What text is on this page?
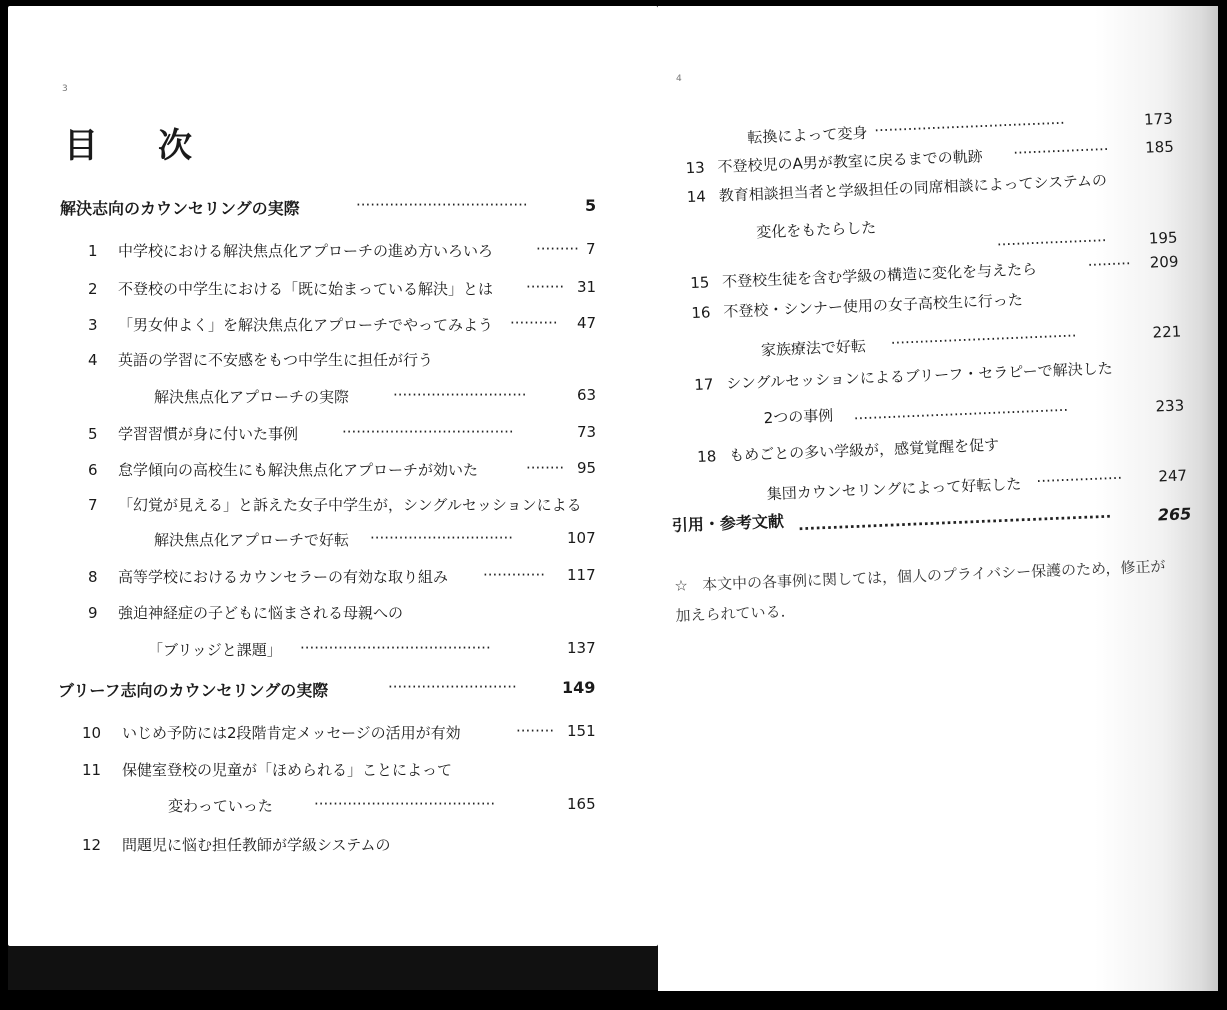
3
目 次
解決志向のカウンセリングの実際	····································	5
1 中学校における解決焦点化アプローチの進め方いろいろ	········· 7
2 不登校の中学生における「既に始まっている解決」とは ········ 31
3 「男女仲よく」を解決焦点化アプローチでやってみよう ··········	47
4 英語の学習に不安感をもつ中学生に担任が行う
解決焦点化アプローチの実際	····························	63
5 学習習慣が身に付いた事例	····································	73
6 怠学傾向の高校生にも解決焦点化アプローチが効いた	········ 95
7 「幻覚が見える」と訴えた女子中学生が，シングルセッションによる
解決焦点化アプローチで好転 ······························	107
8 高等学校におけるカウンセラーの有効な取り組み ·············	117
9 強迫神経症の子どもに悩まされる母親への
「ブリッジと課題」 ········································	137
ブリーフ志向のカウンセリングの実際	···························	149
10 いじめ予防には2段階肯定メッセージの活用が有効	········ 151
11 保健室登校の児童が「ほめられる」ことによって
変わっていった	······································	165
12 問題児に悩む担任教師が学級システムの
4
転換によって変身 ········································	173
13 不登校児のA男が教室に戻るまでの軌跡 ····················	185
14 教育相談担当者と学級担任の同席相談によってシステムの
変化をもたらした
·······················	195
15 不登校生徒を含む学級の構造に変化を与えたら	·········	209
16 不登校・シンナー使用の女子高校生に行った
家族療法で好転 ·······································	221
17 シングルセッションによるブリーフ・セラピーで解決した
2つの事例 ·············································	233
18 もめごとの多い学級が，感覚覚醒を促す
集団カウンセリングによって好転した ··················	247
引用・参考文献 ·······················································	265
☆ 本文中の各事例に関しては，個人のプライバシー保護のため，修正が
加えられている．
